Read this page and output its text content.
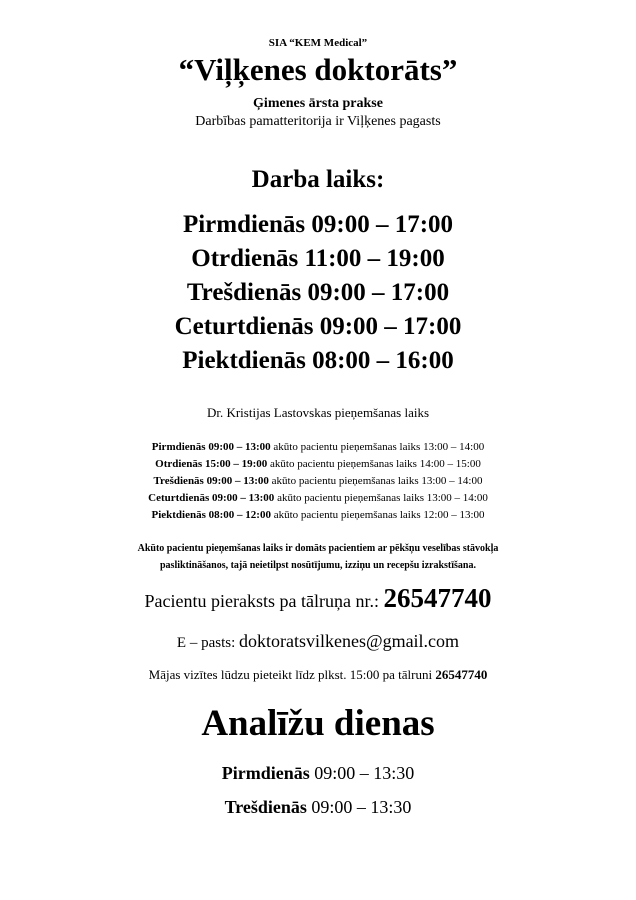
SIA “KEM Medical”
“Viļķenes doktorāts”
Ģimenes ārsta prakse
Darbības pamatteritorija ir Viļķenes pagasts
Darba laiks:
Pirmdienās 09:00 – 17:00
Otrdienās 11:00 – 19:00
Trešdienās 09:00 – 17:00
Ceturtdienās 09:00 – 17:00
Piektdienās 08:00 – 16:00
Dr. Kristijas Lastovskas pieņemšanas laiks
Pirmdienās 09:00 – 13:00 akūto pacientu pieņemšanas laiks 13:00 – 14:00
Otrdienās 15:00 – 19:00 akūto pacientu pieņemšanas laiks 14:00 – 15:00
Trešdienās 09:00 – 13:00 akūto pacientu pieņemšanas laiks 13:00 – 14:00
Ceturtdienās 09:00 – 13:00 akūto pacientu pieņemšanas laiks 13:00 – 14:00
Piektdienās 08:00 – 12:00 akūto pacientu pieņemšanas laiks 12:00 – 13:00
Akūto pacientu pieņemšanas laiks ir domāts pacientiem ar pēkšņu veselības stāvokļa
pasliktināšanos, tajā neietilpst nosūtījumu, izziņu un recepšu izrakstīšana.
Pacientu pieraksts pa tālruņa nr.: 26547740
E – pasts: doktoratsvilkenes@gmail.com
Mājas vizītes lūdzu pieteikt līdz plkst. 15:00 pa tālruni 26547740
Analīžu dienas
Pirmdienās 09:00 – 13:30
Trešdienās 09:00 – 13:30
